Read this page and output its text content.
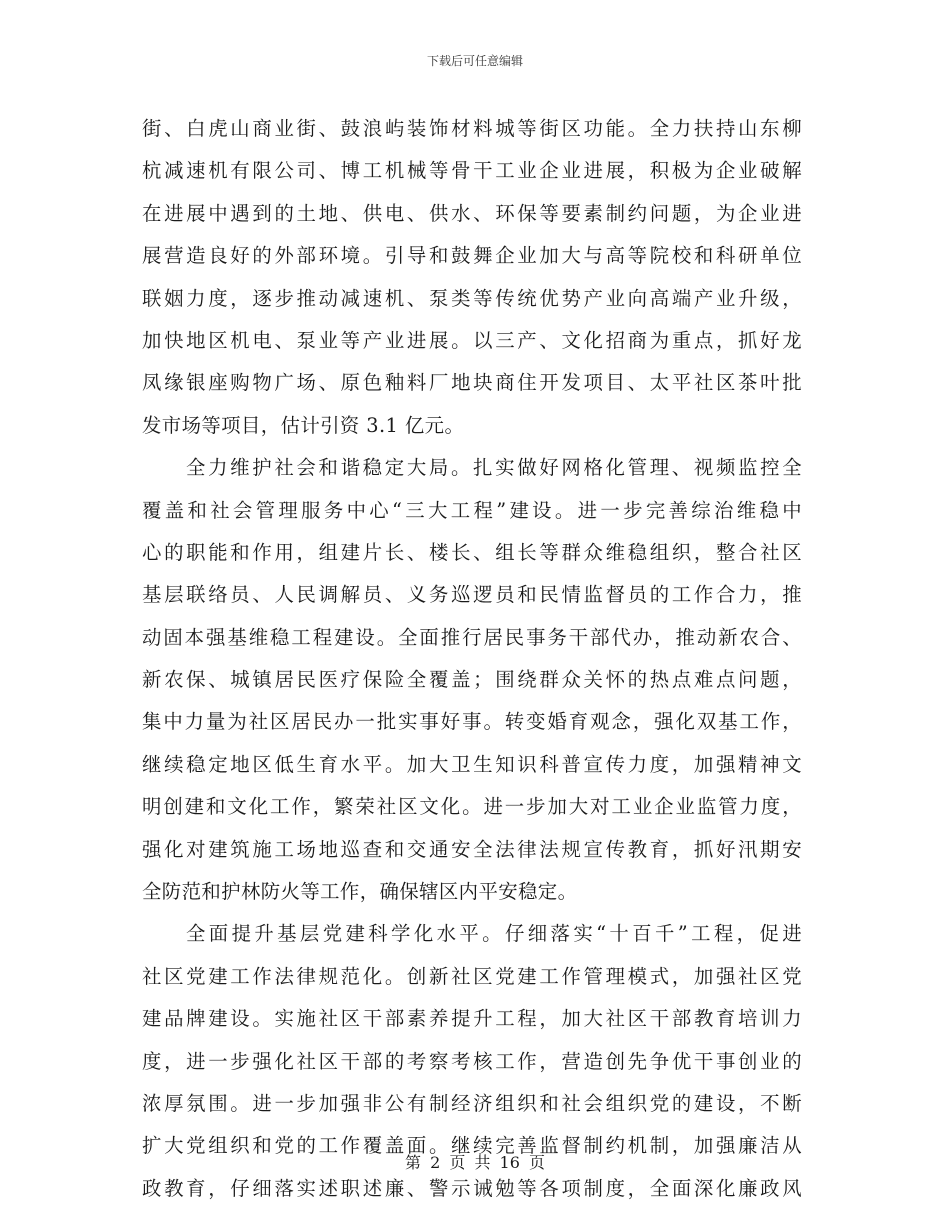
下载后可任意编辑
街、白虎山商业街、鼓浪屿装饰材料城等街区功能。全力扶持山东柳
杭减速机有限公司、博工机械等骨干工业企业进展，积极为企业破解
在进展中遇到的土地、供电、供水、环保等要素制约问题，为企业进
展营造良好的外部环境。引导和鼓舞企业加大与高等院校和科研单位
联姻力度，逐步推动减速机、泵类等传统优势产业向高端产业升级，
加快地区机电、泵业等产业进展。以三产、文化招商为重点，抓好龙
凤缘银座购物广场、原色釉料厂地块商住开发项目、太平社区茶叶批
发市场等项目，估计引资 3.1 亿元。
全力维护社会和谐稳定大局。扎实做好网格化管理、视频监控全
覆盖和社会管理服务中心“三大工程”建设。进一步完善综治维稳中
心的职能和作用，组建片长、楼长、组长等群众维稳组织，整合社区
基层联络员、人民调解员、义务巡逻员和民情监督员的工作合力，推
动固本强基维稳工程建设。全面推行居民事务干部代办，推动新农合、
新农保、城镇居民医疗保险全覆盖；围绕群众关怀的热点难点问题，
集中力量为社区居民办一批实事好事。转变婚育观念，强化双基工作，
继续稳定地区低生育水平。加大卫生知识科普宣传力度，加强精神文
明创建和文化工作，繁荣社区文化。进一步加大对工业企业监管力度，
强化对建筑施工场地巡查和交通安全法律法规宣传教育，抓好汛期安
全防范和护林防火等工作，确保辖区内平安稳定。
全面提升基层党建科学化水平。仔细落实“十百千”工程，促进
社区党建工作法律规范化。创新社区党建工作管理模式，加强社区党
建品牌建设。实施社区干部素养提升工程，加大社区干部教育培训力
度，进一步强化社区干部的考察考核工作，营造创先争优干事创业的
浓厚氛围。进一步加强非公有制经济组织和社会组织党的建设，不断
扩大党组织和党的工作覆盖面。继续完善监督制约机制，加强廉洁从
政教育，仔细落实述职述廉、警示诫勉等各项制度，全面深化廉政风
第 2 页 共 16 页
